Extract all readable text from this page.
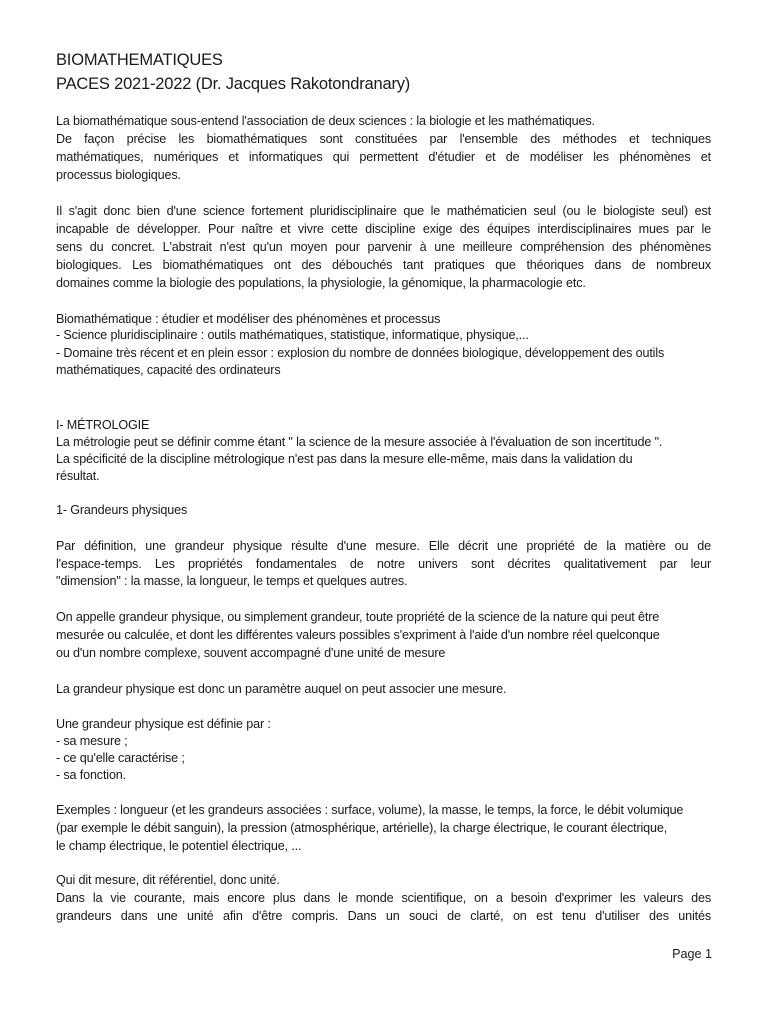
BIOMATHEMATIQUES
PACES 2021-2022 (Dr. Jacques Rakotondranary)
La biomathématique sous-entend l'association de deux sciences : la biologie et les mathématiques.
De façon précise les biomathématiques sont constituées par l'ensemble des méthodes et techniques
mathématiques, numériques et informatiques qui permettent d'étudier et de modéliser les phénomènes et
processus biologiques.
Il s'agit donc bien d'une science fortement pluridisciplinaire que le mathématicien seul (ou le biologiste seul) est
incapable de développer. Pour naître et vivre cette discipline exige des équipes interdisciplinaires mues par le
sens du concret. L'abstrait n'est qu'un moyen pour parvenir à une meilleure compréhension des phénomènes
biologiques. Les biomathématiques ont des débouchés tant pratiques que théoriques dans de nombreux
domaines comme la biologie des populations, la physiologie, la génomique, la pharmacologie etc.
Biomathématique : étudier et modéliser des phénomènes et processus
- Science pluridisciplinaire : outils mathématiques, statistique, informatique, physique,...
- Domaine très récent et en plein essor : explosion du nombre de données biologique, développement des outils
mathématiques, capacité des ordinateurs
I- MÉTROLOGIE
La métrologie peut se définir comme étant " la science de la mesure associée à l'évaluation de son incertitude ".
La spécificité de la discipline métrologique n'est pas dans la mesure elle-même, mais dans la validation du
résultat.
1- Grandeurs physiques
Par définition, une grandeur physique résulte d'une mesure. Elle décrit une propriété de la matière ou de
l'espace-temps. Les propriétés fondamentales de notre univers sont décrites qualitativement par leur
"dimension" : la masse, la longueur, le temps et quelques autres.
On appelle grandeur physique, ou simplement grandeur, toute propriété de la science de la nature qui peut être
mesurée ou calculée, et dont les différentes valeurs possibles s'expriment à l'aide d'un nombre réel quelconque
ou d'un nombre complexe, souvent accompagné d'une unité de mesure
La grandeur physique est donc un paramètre auquel on peut associer une mesure.
Une grandeur physique est définie par :
- sa mesure ;
- ce qu'elle caractérise ;
- sa fonction.
Exemples : longueur (et les grandeurs associées : surface, volume), la masse, le temps, la force, le débit volumique
(par exemple le débit sanguin), la pression (atmosphérique, artérielle), la charge électrique, le courant électrique,
le champ électrique, le potentiel électrique, ...
Qui dit mesure, dit référentiel, donc unité.
Dans la vie courante, mais encore plus dans le monde scientifique, on a besoin d'exprimer les valeurs des
grandeurs dans une unité afin d'être compris. Dans un souci de clarté, on est tenu d'utiliser des unités
Page 1
